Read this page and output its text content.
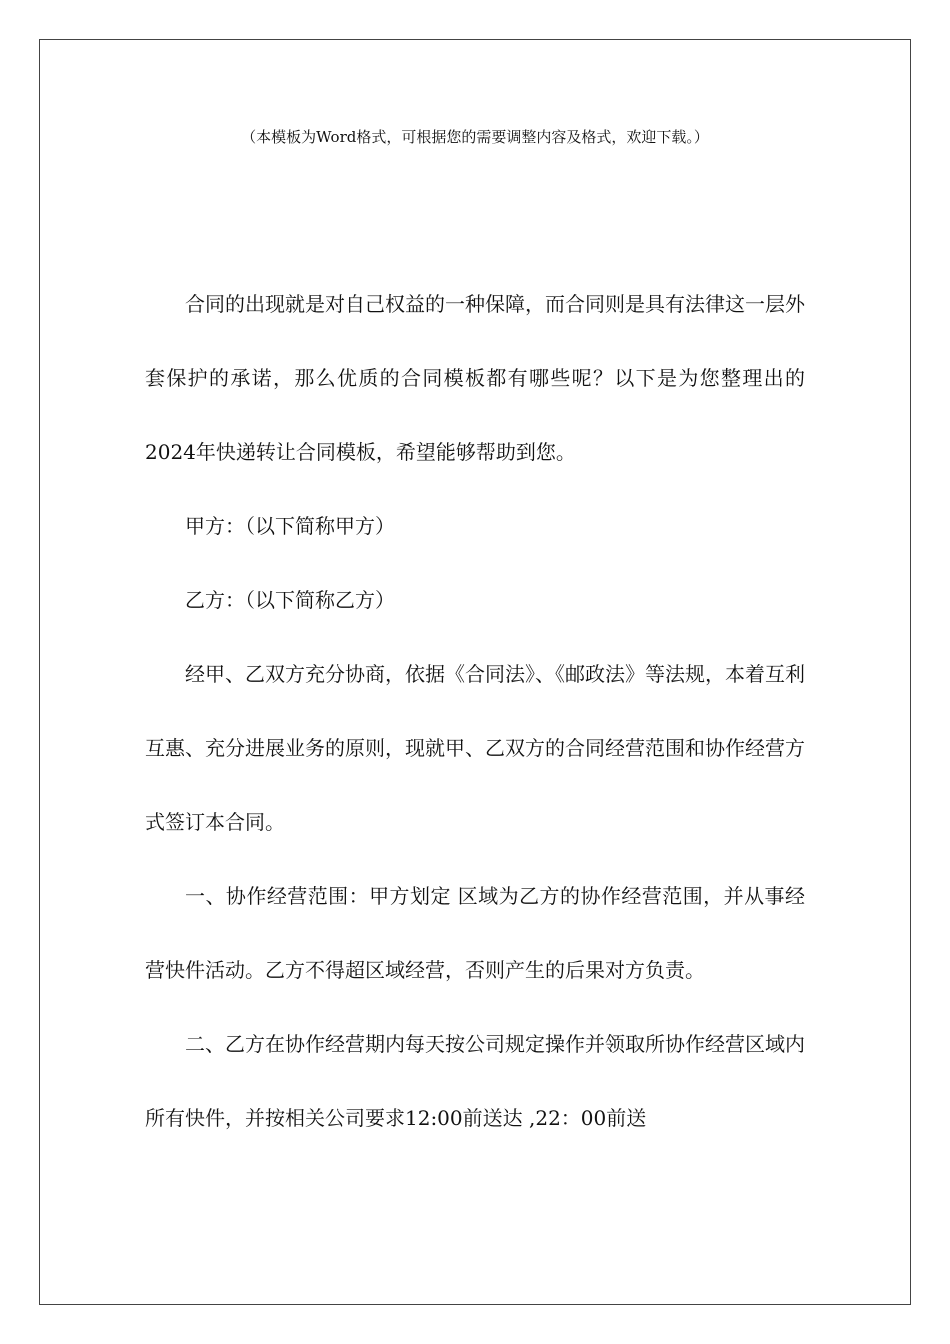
（本模板为Word格式，可根据您的需要调整内容及格式，欢迎下载。）

合同的出现就是对自己权益的一种保障，而合同则是具有法律这一层外套保护的承诺，那么优质的合同模板都有哪些呢？以下是为您整理出的2024年快递转让合同模板，希望能够帮助到您。

甲方：（以下简称甲方）

乙方：（以下简称乙方）

经甲、乙双方充分协商，依据《合同法》、《邮政法》等法规，本着互利互惠、充分进展业务的原则，现就甲、乙双方的合同经营范围和协作经营方式签订本合同。

一、协作经营范围：甲方划定 区域为乙方的协作经营范围，并从事经营快件活动。乙方不得超区域经营，否则产生的后果对方负责。

二、乙方在协作经营期内每天按公司规定操作并领取所协作经营区域内所有快件，并按相关公司要求12:00前送达 ,22：00前送
